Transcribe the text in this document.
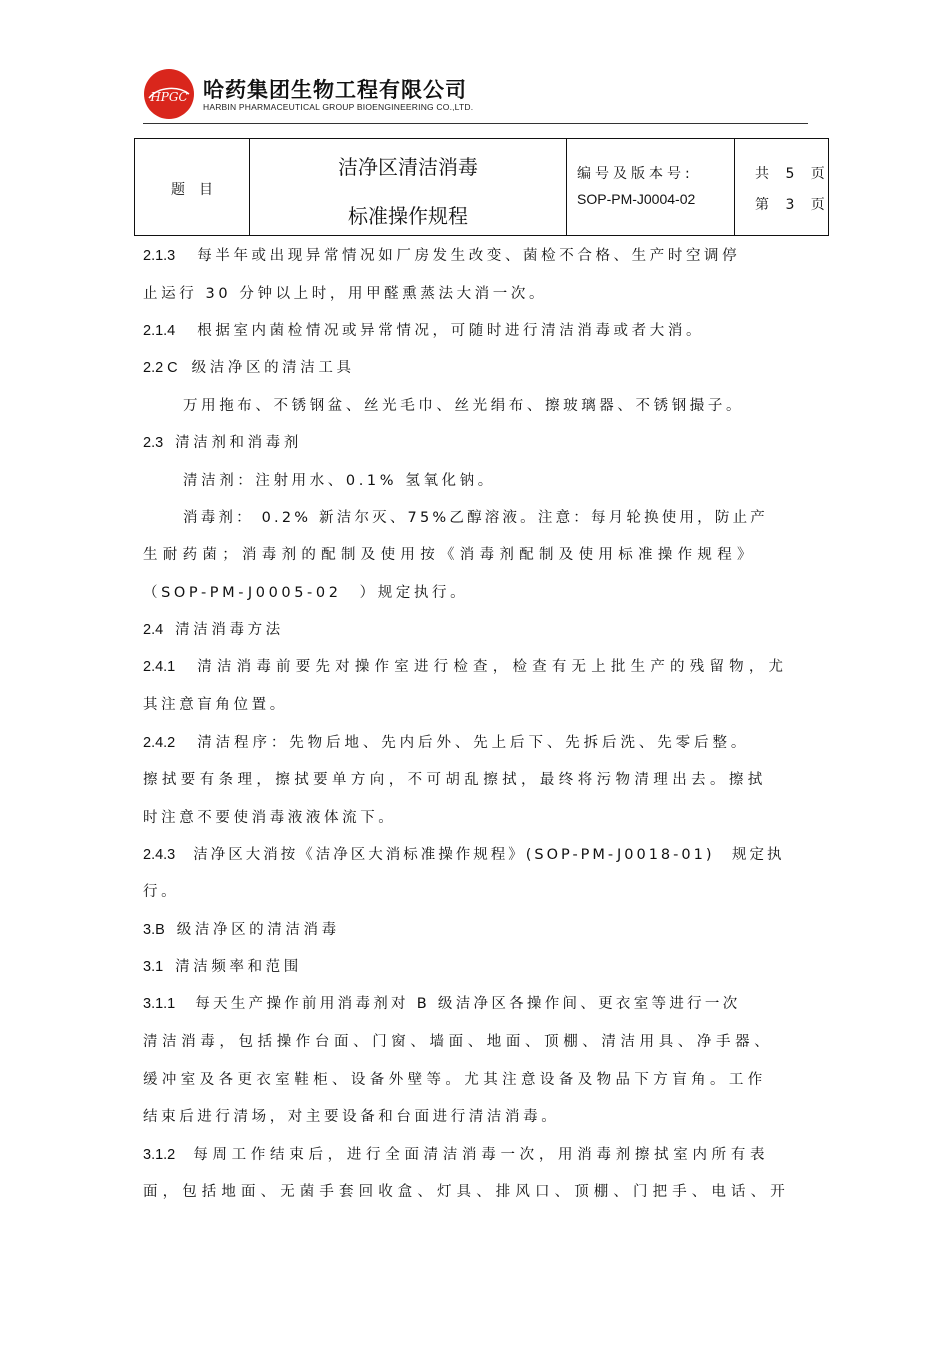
HPGC 哈药集团生物工程有限公司
HARBIN PHARMACEUTICAL GROUP BIOENGINEERING CO.,LTD.
题目
洁净区清洁消毒
标准操作规程
编号及版本号:
SOP-PM-J0004-02
共 5 页
第 3 页
2.1.3 每半年或出现异常情况如厂房发生改变、菌检不合格、生产时空调停
止运行 30 分钟以上时，用甲醛熏蒸法大消一次。
2.1.4 根据室内菌检情况或异常情况，可随时进行清洁消毒或者大消。
2.2 C 级洁净区的清洁工具
万用拖布、不锈钢盆、丝光毛巾、丝光绢布、擦玻璃器、不锈钢撮子。
2.3 清洁剂和消毒剂
清洁剂：注射用水、0.1% 氢氧化钠。
消毒剂： 0.2% 新洁尔灭、75%乙醇溶液。注意：每月轮换使用，防止产
生耐药菌；消毒剂的配制及使用按《消毒剂配制及使用标准操作规程》
（SOP-PM-J0005-02　）规定执行。
2.4 清洁消毒方法
2.4.1 清洁消毒前要先对操作室进行检查，检查有无上批生产的残留物，尤
其注意盲角位置。
2.4.2 清洁程序：先物后地、先内后外、先上后下、先拆后洗、先零后整。
擦拭要有条理，擦拭要单方向，不可胡乱擦拭，最终将污物清理出去。擦拭
时注意不要使消毒液液体流下。
2.4.3 洁净区大消按《洁净区大消标准操作规程》(SOP-PM-J0018-01)　规定执
行。
3.B 级洁净区的清洁消毒
3.1 清洁频率和范围
3.1.1 每天生产操作前用消毒剂对 B 级洁净区各操作间、更衣室等进行一次
清洁消毒，包括操作台面、门窗、墙面、地面、顶棚、清洁用具、净手器、
缓冲室及各更衣室鞋柜、设备外壁等。尤其注意设备及物品下方盲角。工作
结束后进行清场，对主要设备和台面进行清洁消毒。
3.1.2 每周工作结束后，进行全面清洁消毒一次，用消毒剂擦拭室内所有表
面，包括地面、无菌手套回收盒、灯具、排风口、顶棚、门把手、电话、开
